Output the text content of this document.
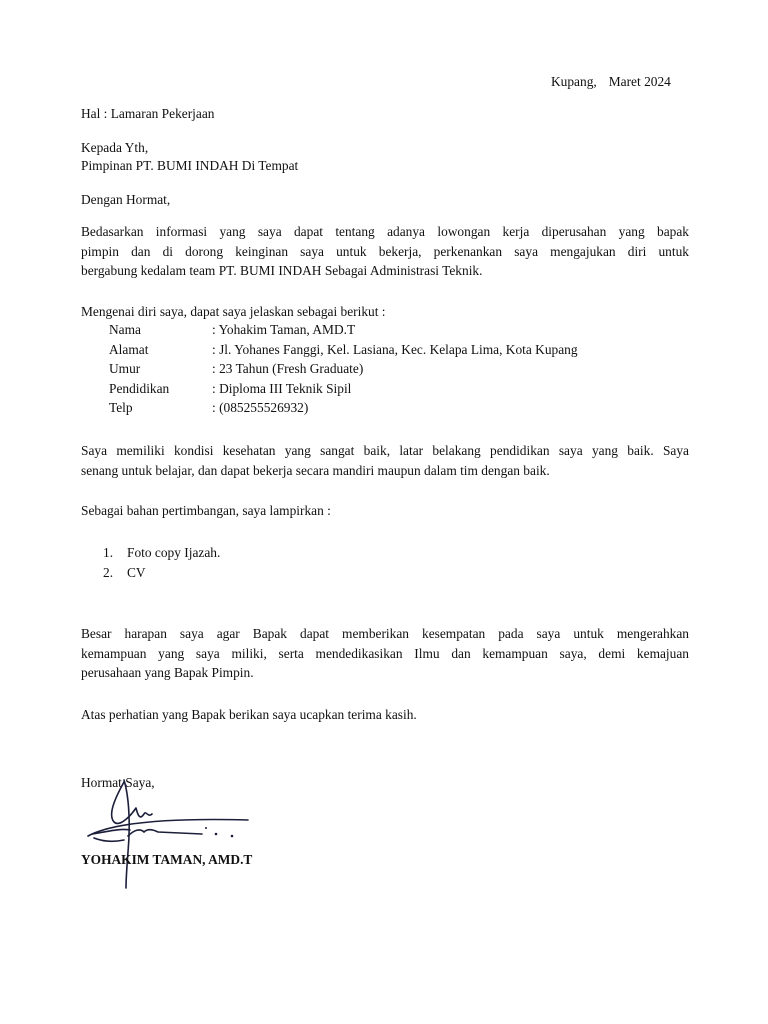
Kupang, Maret 2024
Hal : Lamaran Pekerjaan
Kepada Yth,
Pimpinan PT. BUMI INDAH Di Tempat
Dengan Hormat,
Bedasarkan informasi yang saya dapat tentang adanya lowongan kerja diperusahan yang bapak
pimpin dan di dorong keinginan saya untuk bekerja, perkenankan saya mengajukan diri untuk
bergabung kedalam team PT. BUMI INDAH Sebagai Administrasi Teknik.
Mengenai diri saya, dapat saya jelaskan sebagai berikut :
Nama	: Yohakim Taman, AMD.T
Alamat	: Jl. Yohanes Fanggi, Kel. Lasiana, Kec. Kelapa Lima, Kota Kupang
Umur	: 23 Tahun (Fresh Graduate)
Pendidikan	: Diploma III Teknik Sipil
Telp	: (085255526932)
Saya memiliki kondisi kesehatan yang sangat baik, latar belakang pendidikan saya yang baik. Saya
senang untuk belajar, dan dapat bekerja secara mandiri maupun dalam tim dengan baik.
Sebagai bahan pertimbangan, saya lampirkan :
1. Foto copy Ijazah.
2. CV
Besar harapan saya agar Bapak dapat memberikan kesempatan pada saya untuk mengerahkan
kemampuan yang saya miliki, serta mendedikasikan Ilmu dan kemampuan saya, demi kemajuan
perusahaan yang Bapak Pimpin.
Atas perhatian yang Bapak berikan saya ucapkan terima kasih.
Hormat Saya,
YOHAKIM TAMAN, AMD.T
